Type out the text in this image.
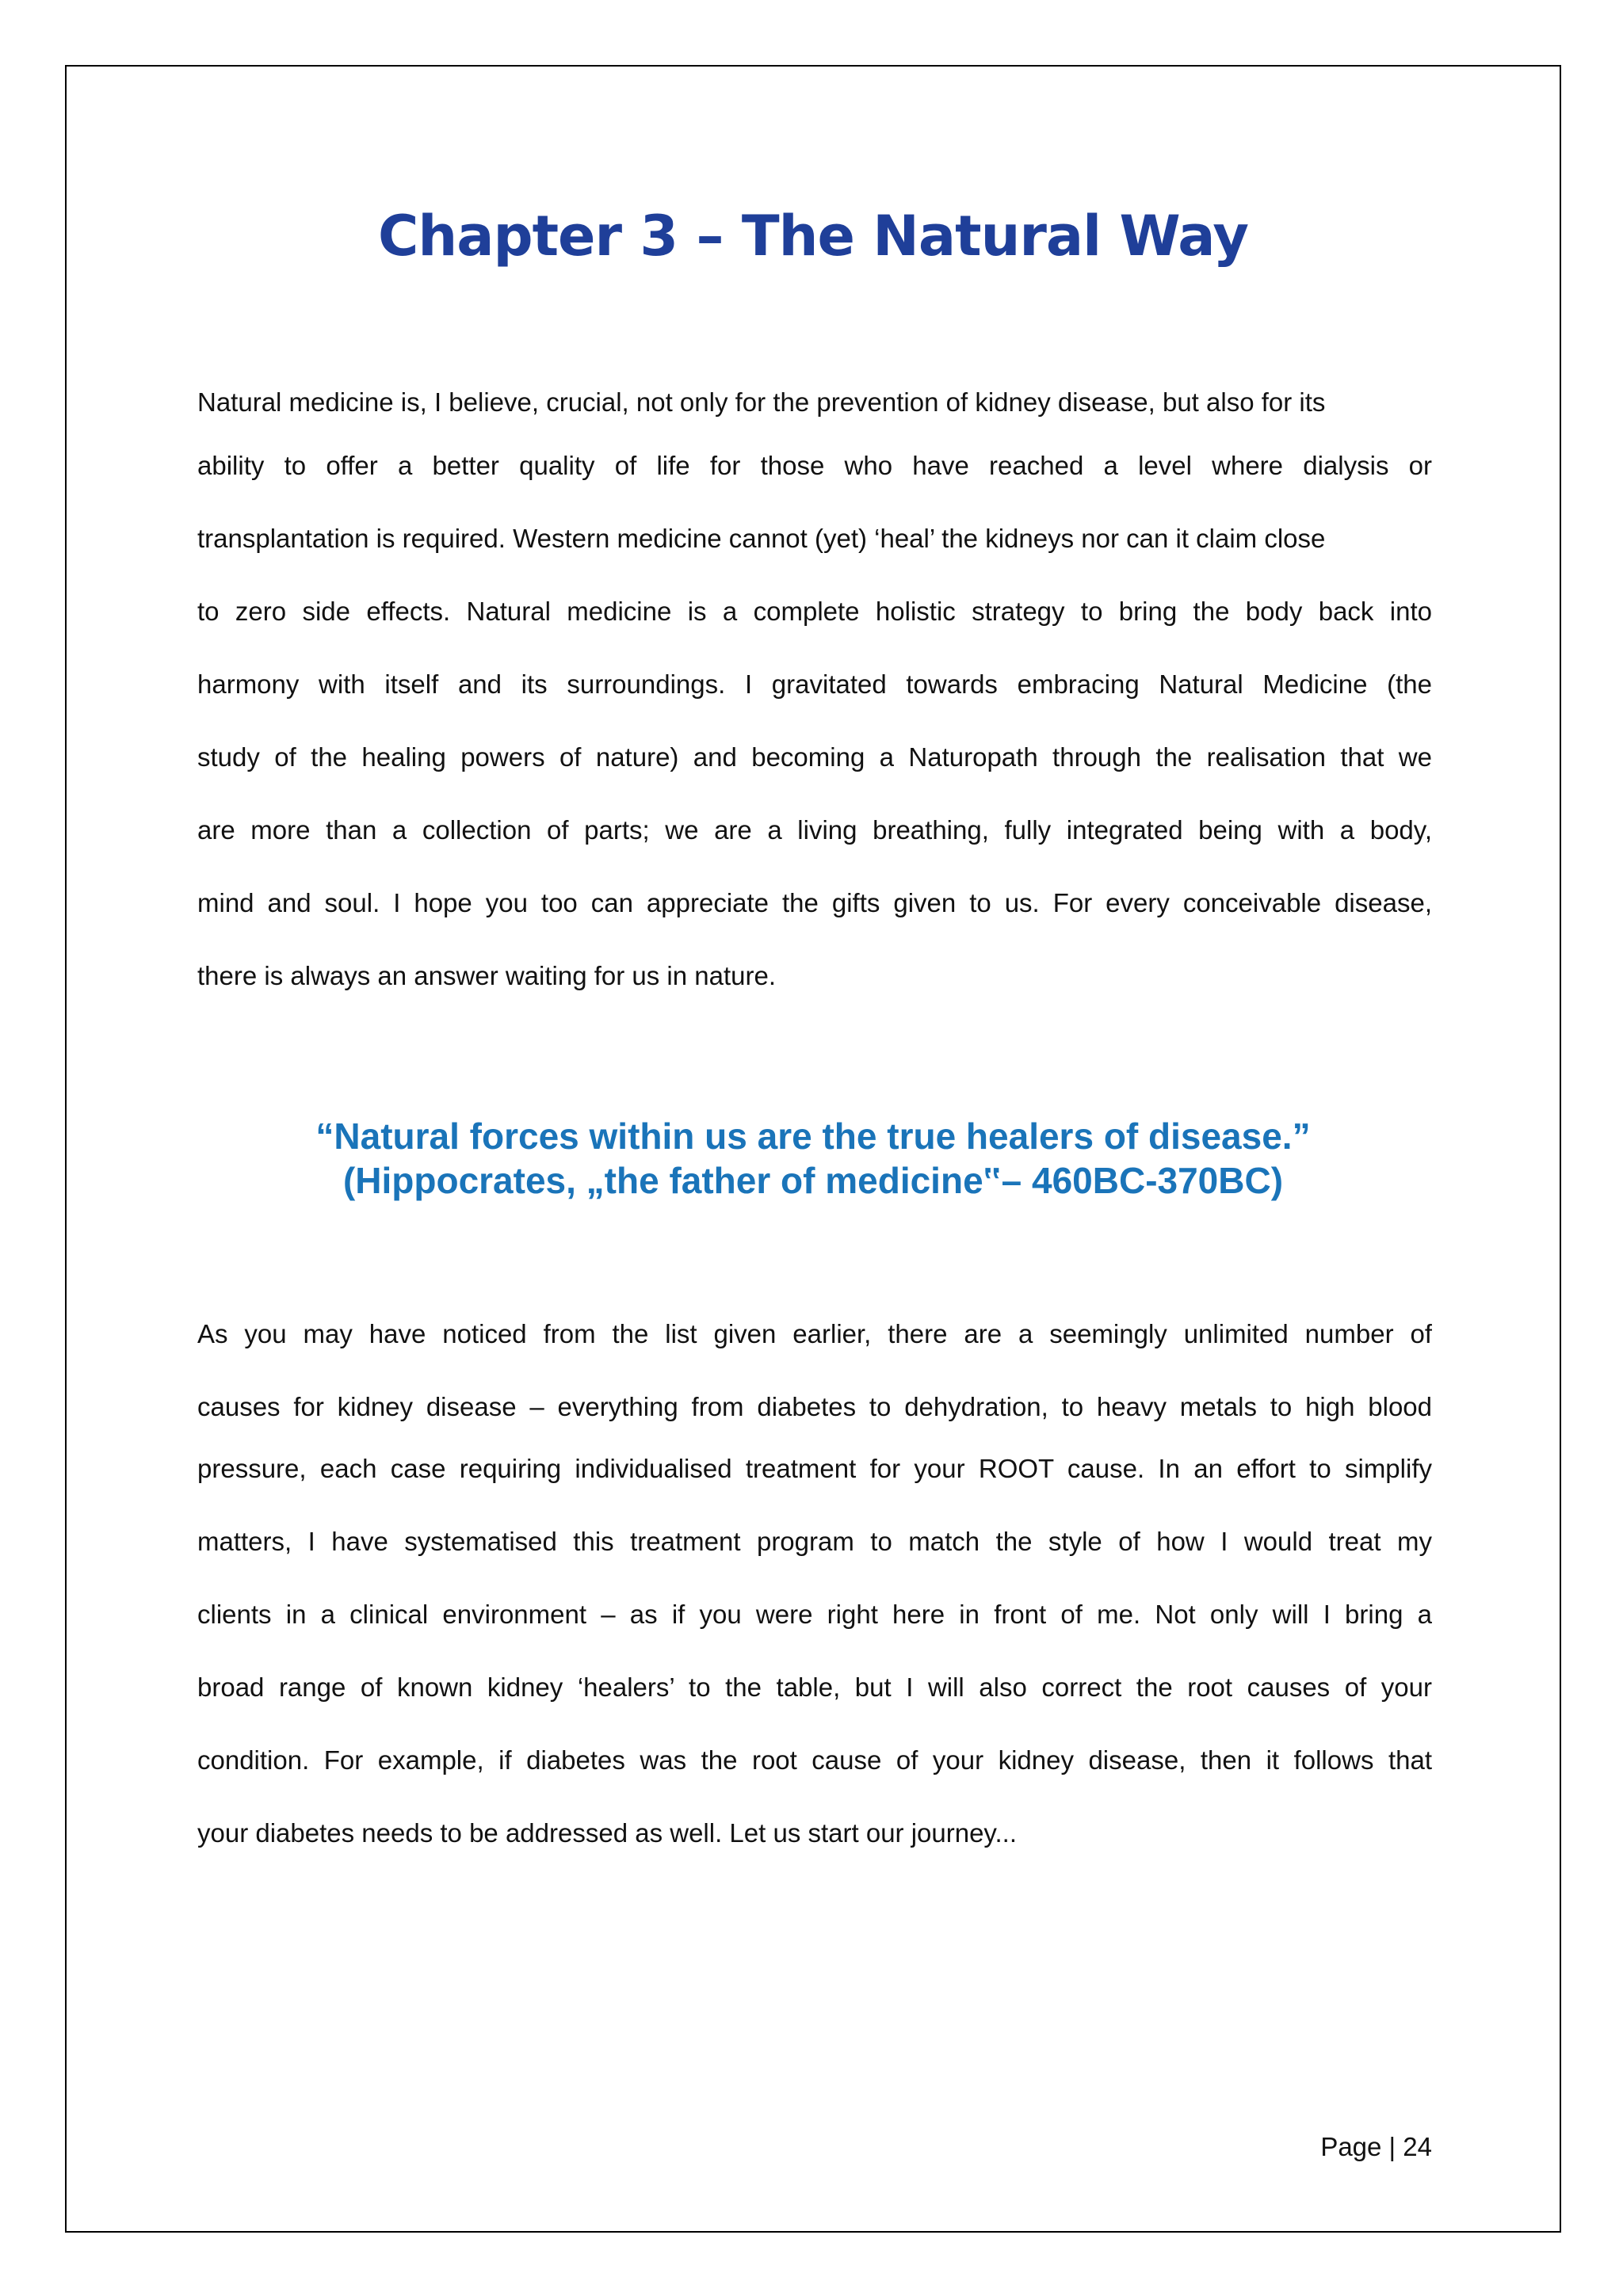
Chapter 3 – The Natural Way

Natural medicine is, I believe, crucial, not only for the prevention of kidney disease, but also for its

ability to offer a better quality of life for those who have reached a level where dialysis or

transplantation is required. Western medicine cannot (yet) ‘heal’ the kidneys nor can it claim close

to zero side effects. Natural medicine is a complete holistic strategy to bring the body back into

harmony with itself and its surroundings. I gravitated towards embracing Natural Medicine (the

study of the healing powers of nature) and becoming a Naturopath through the realisation that we

are more than a collection of parts; we are a living breathing, fully integrated being with a body,

mind and soul. I hope you too can appreciate the gifts given to us. For every conceivable disease,

there is always an answer waiting for us in nature.

“Natural forces within us are the true healers of disease.”

(Hippocrates, „the father of medicine‟– 460BC-370BC)

As you may have noticed from the list given earlier, there are a seemingly unlimited number of

causes for kidney disease – everything from diabetes to dehydration, to heavy metals to high blood

pressure, each case requiring individualised treatment for your ROOT cause. In an effort to simplify

matters, I have systematised this treatment program to match the style of how I would treat my

clients in a clinical environment – as if you were right here in front of me. Not only will I bring a

broad range of known kidney ‘healers’ to the table, but I will also correct the root causes of your

condition. For example, if diabetes was the root cause of your kidney disease, then it follows that

your diabetes needs to be addressed as well. Let us start our journey...

Page | 24
